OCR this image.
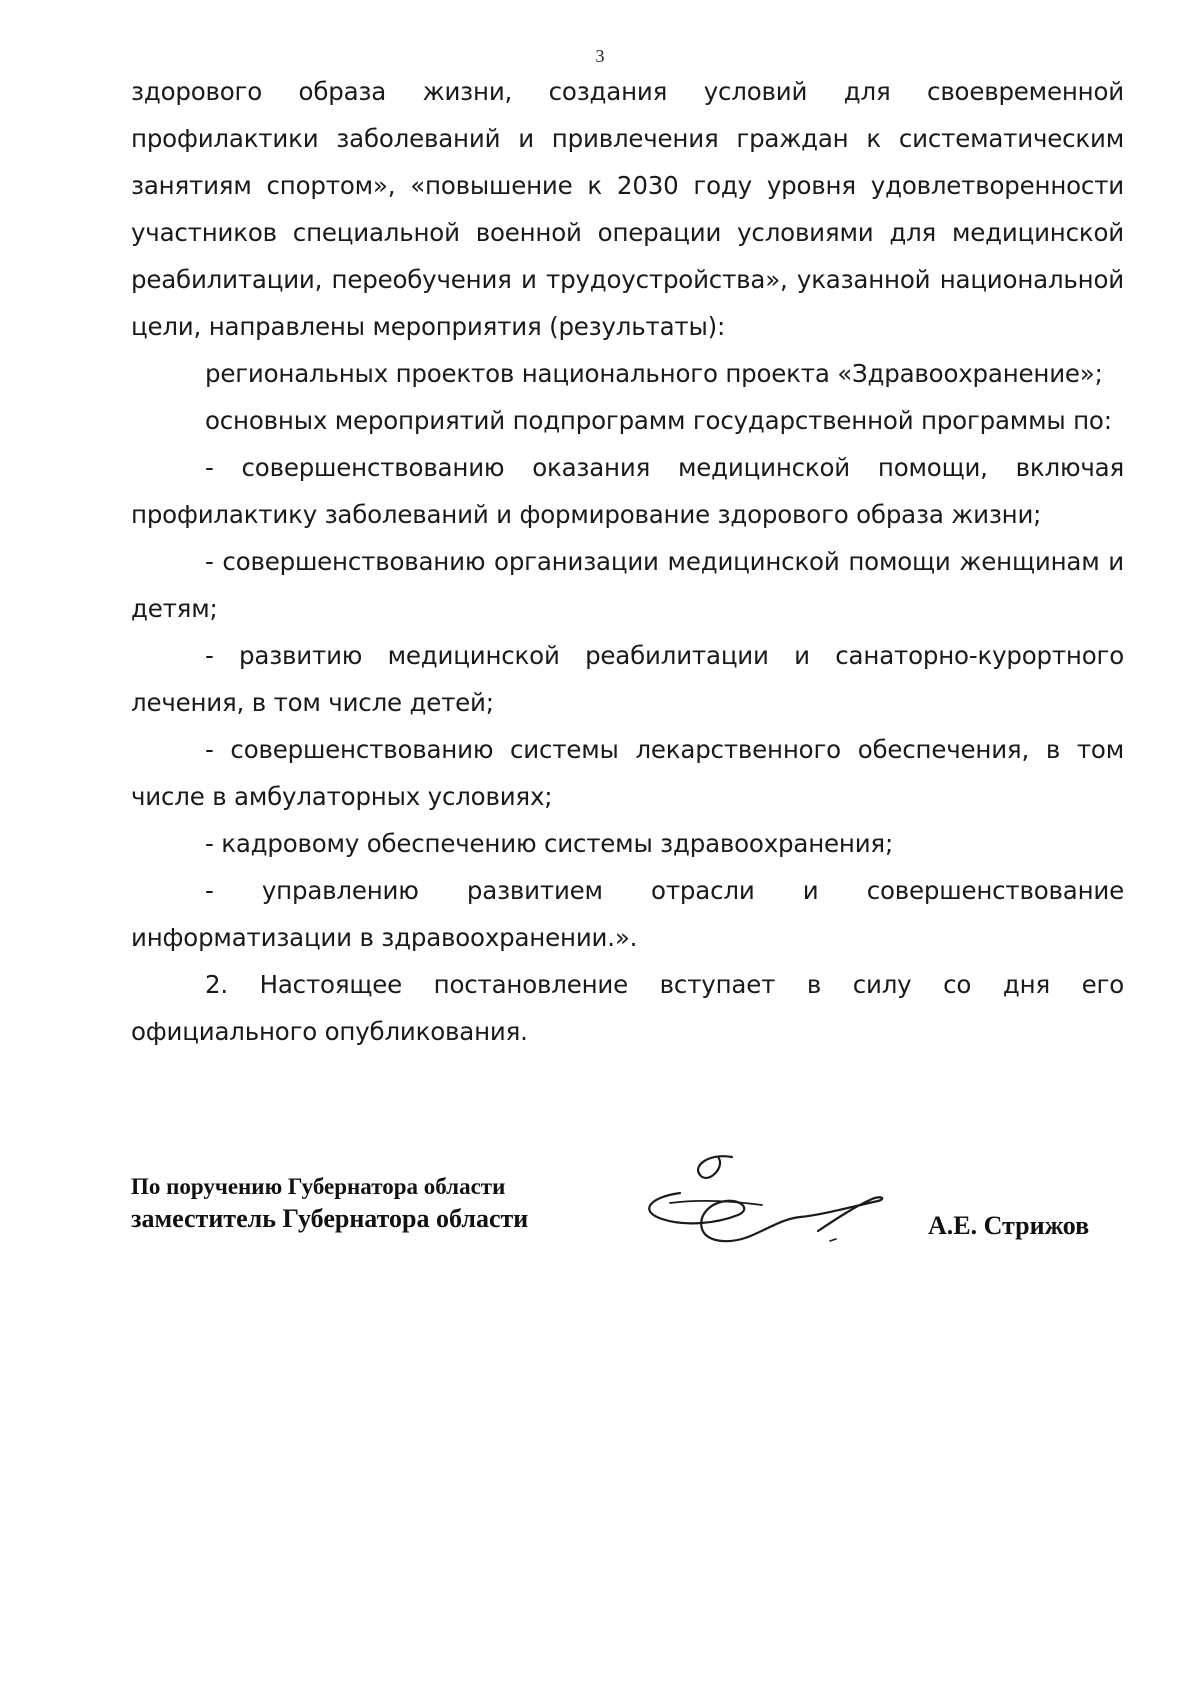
3

здорового образа жизни, создания условий для своевременной профилактики заболеваний и привлечения граждан к систематическим занятиям спортом», «повышение к 2030 году уровня удовлетворенности участников специальной военной операции условиями для медицинской реабилитации, переобучения и трудоустройства», указанной национальной цели, направлены мероприятия (результаты):

региональных проектов национального проекта «Здравоохранение»;

основных мероприятий подпрограмм государственной программы по:

- совершенствованию оказания медицинской помощи, включая профилактику заболеваний и формирование здорового образа жизни;

- совершенствованию организации медицинской помощи женщинам и детям;

- развитию медицинской реабилитации и санаторно-курортного лечения, в том числе детей;

- совершенствованию системы лекарственного обеспечения, в том числе в амбулаторных условиях;

- кадровому обеспечению системы здравоохранения;

- управлению развитием отрасли и совершенствование информатизации в здравоохранении.».

2. Настоящее постановление вступает в силу со дня его официального опубликования.

По поручению Губернатора области
заместитель Губернатора области	А.Е. Стрижов
